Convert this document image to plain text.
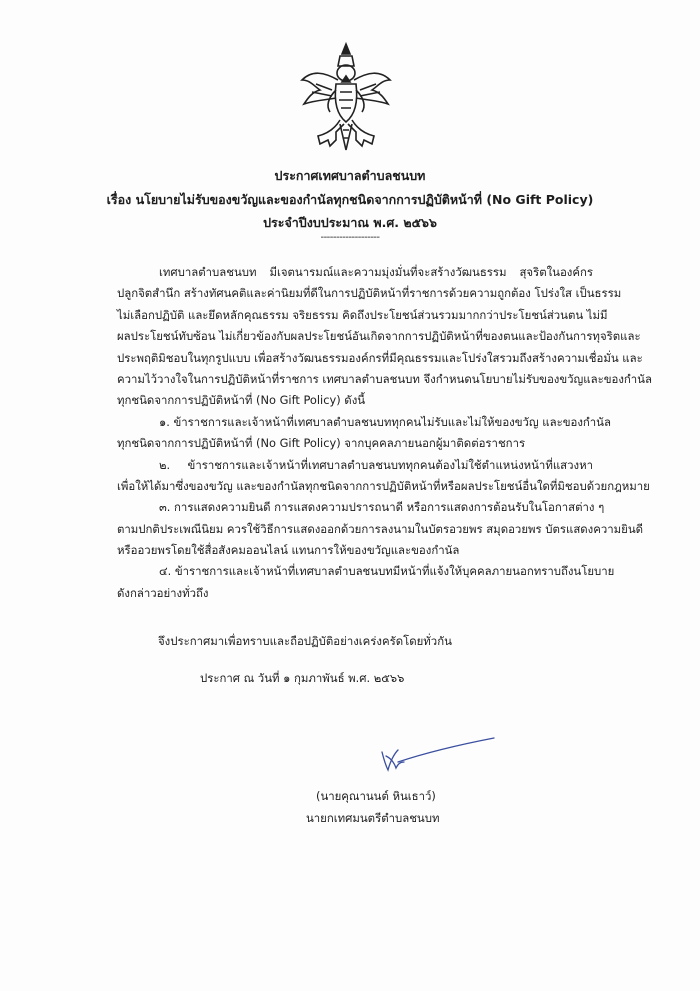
ประกาศเทศบาลตำบลชนบท
เรื่อง นโยบายไม่รับของขวัญและของกำนัลทุกชนิดจากการปฏิบัติหน้าที่ (No Gift Policy)
ประจำปีงบประมาณ พ.ศ. ๒๕๖๖
-------------------
เทศบาลตำบลชนบท มีเจตนารมณ์และความมุ่งมั่นที่จะสร้างวัฒนธรรม สุจริตในองค์กร
ปลูกจิตสำนึก สร้างทัศนคติและค่านิยมที่ดีในการปฏิบัติหน้าที่ราชการด้วยความถูกต้อง โปร่งใส เป็นธรรม
ไม่เลือกปฏิบัติ และยึดหลักคุณธรรม จริยธรรม คิดถึงประโยชน์ส่วนรวมมากกว่าประโยชน์ส่วนตน ไม่มี
ผลประโยชน์ทับซ้อน ไม่เกี่ยวข้องกับผลประโยชน์อันเกิดจากการปฏิบัติหน้าที่ของตนและป้องกันการทุจริตและ
ประพฤติมิชอบในทุกรูปแบบ เพื่อสร้างวัฒนธรรมองค์กรที่มีคุณธรรมและโปร่งใสรวมถึงสร้างความเชื่อมั่น และ
ความไว้วางใจในการปฏิบัติหน้าที่ราชการ เทศบาลตำบลชนบท จึงกำหนดนโยบายไม่รับของขวัญและของกำนัล
ทุกชนิดจากการปฏิบัติหน้าที่ (No Gift Policy) ดังนี้
๑. ข้าราชการและเจ้าหน้าที่เทศบาลตำบลชนบททุกคนไม่รับและไม่ให้ของขวัญ และของกำนัล
ทุกชนิดจากการปฏิบัติหน้าที่ (No Gift Policy) จากบุคคลภายนอกผู้มาติดต่อราชการ
๒. ข้าราชการและเจ้าหน้าที่เทศบาลตำบลชนบททุกคนต้องไม่ใช้ตำแหน่งหน้าที่แสวงหา
เพื่อให้ได้มาซึ่งของขวัญ และของกำนัลทุกชนิดจากการปฏิบัติหน้าที่หรือผลประโยชน์อื่นใดที่มิชอบด้วยกฎหมาย
๓. การแสดงความยินดี การแสดงความปรารถนาดี หรือการแสดงการต้อนรับในโอกาสต่าง ๆ
ตามปกติประเพณีนิยม ควรใช้วิธีการแสดงออกด้วยการลงนามในบัตรอวยพร สมุดอวยพร บัตรแสดงความยินดี
หรืออวยพรโดยใช้สื่อสังคมออนไลน์ แทนการให้ของขวัญและของกำนัล
๔. ข้าราชการและเจ้าหน้าที่เทศบาลตำบลชนบทมีหน้าที่แจ้งให้บุคคลภายนอกทราบถึงนโยบาย
ดังกล่าวอย่างทั่วถึง
จึงประกาศมาเพื่อทราบและถือปฏิบัติอย่างเคร่งครัดโดยทั่วกัน
ประกาศ ณ วันที่ ๑ กุมภาพันธ์ พ.ศ. ๒๕๖๖
(นายคุณานนต์ หินเธาว์)
นายกเทศมนตรีตำบลชนบท
